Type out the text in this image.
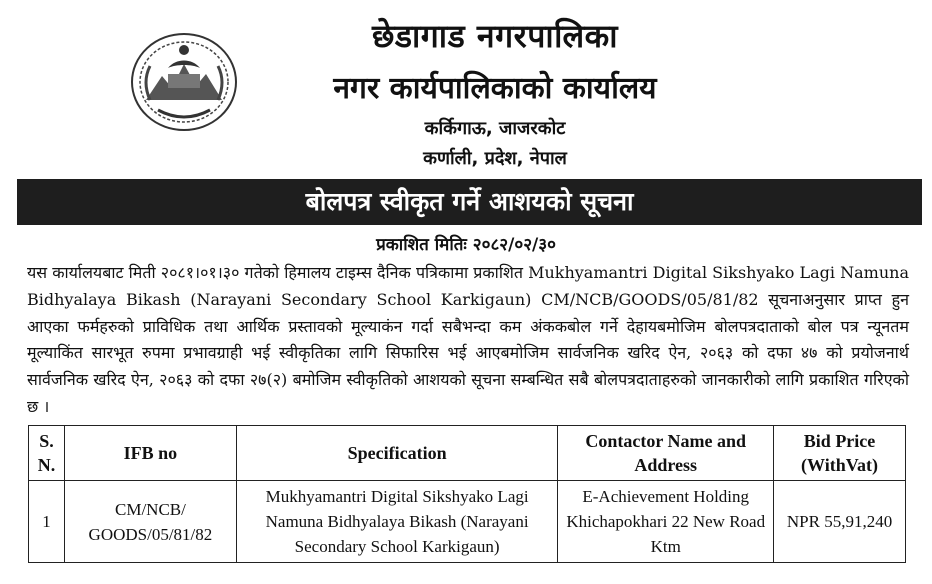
छेडागाड नगरपालिका
नगर कार्यपालिकाको कार्यालय
कर्किगाऊ, जाजरकोट
कर्णाली, प्रदेश, नेपाल
बोलपत्र स्वीकृत गर्ने आशयको सूचना
प्रकाशित मितिः २०८२/०२/३०

यस कार्यालयबाट मिती २०८१।०१।३० गतेको हिमालय टाइम्स दैनिक पत्रिकामा प्रकाशित Mukhyamantri Digital Sikshyako Lagi Namuna Bidhyalaya Bikash (Narayani Secondary School Karkigaun) CM/NCB/GOODS/05/81/82 सूचनाअनुसार प्राप्त हुन आएका फर्महरुको प्राविधिक तथा आर्थिक प्रस्तावको मूल्याकंन गर्दा सबैभन्दा कम अंककबोल गर्ने देहायबमोजिम बोलपत्रदाताको बोल पत्र न्यूनतम मूल्याकिंत सारभूत रुपमा प्रभावग्राही भई स्वीकृतिका लागि सिफारिस भई आएबमोजिम सार्वजनिक खरिद ऐन, २०६३ को दफा ४७ को प्रयोजनार्थ सार्वजनिक खरिद ऐन, २०६३ को दफा २७(२) बमोजिम स्वीकृतिको आशयको सूचना सम्बन्धित सबै बोलपत्रदाताहरुको जानकारीको लागि प्रकाशित गरिएको छ ।

S. N.	IFB no	Specification	Contactor Name and Address	Bid Price (WithVat)
1	CM/NCB/ GOODS/05/81/82	Mukhyamantri Digital Sikshyako Lagi Namuna Bidhyalaya Bikash (Narayani Secondary School Karkigaun)	E-Achievement Holding Khichapokhari 22 New Road Ktm	NPR 55,91,240
